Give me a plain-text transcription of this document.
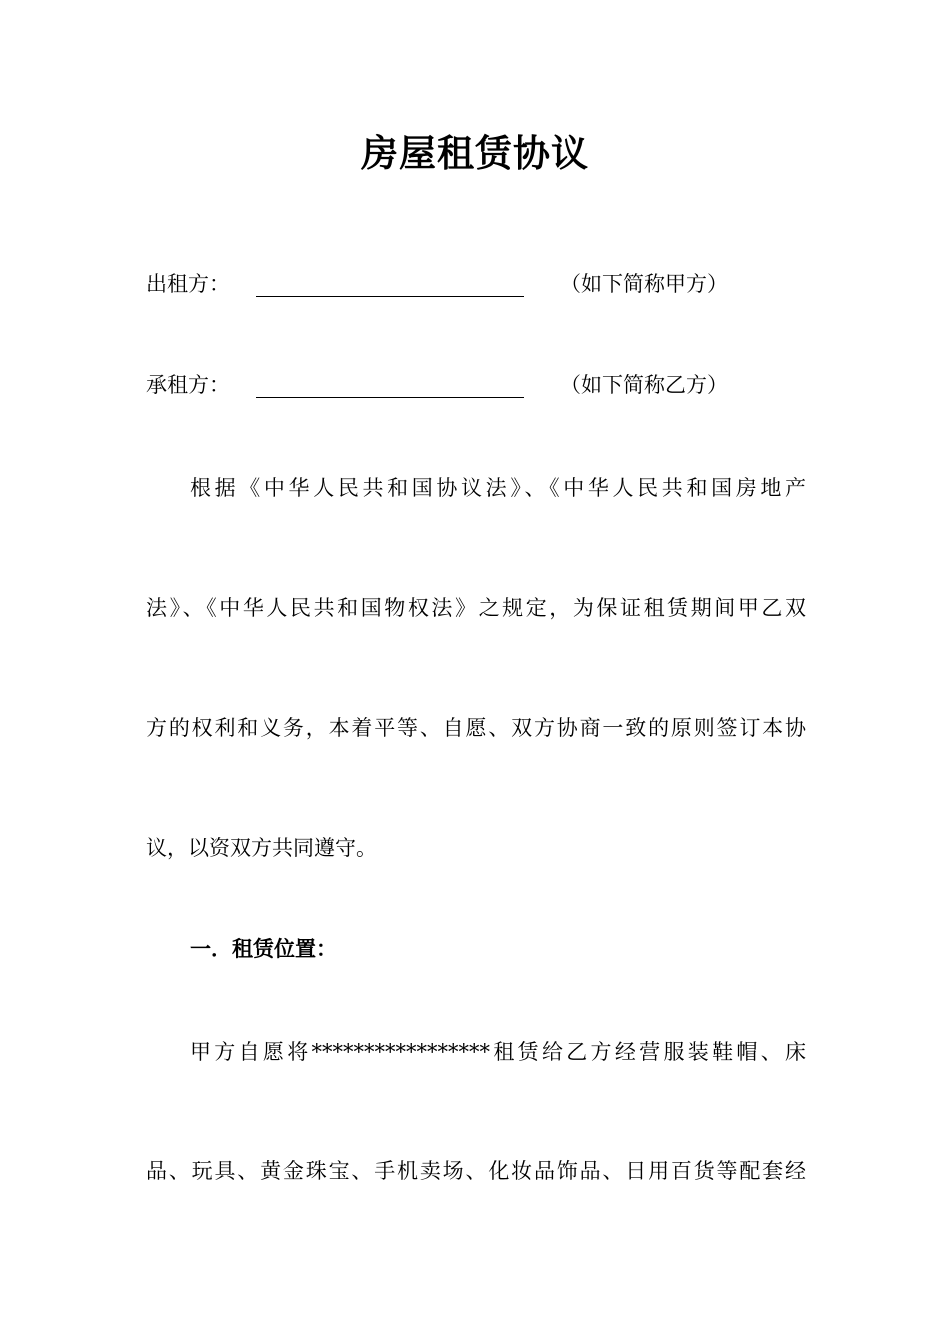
房屋租赁协议
出租方：	（如下简称甲方）
承租方：	（如下简称乙方）
根据《中华人民共和国协议法》、《中华人民共和国房地产
法》、《中华人民共和国物权法》之规定，为保证租赁期间甲乙双
方的权利和义务，本着平等、自愿、双方协商一致的原则签订本协
议，以资双方共同遵守。
一．租赁位置：
甲方自愿将*****************租赁给乙方经营服装鞋帽、床
品、玩具、黄金珠宝、手机卖场、化妆品饰品、日用百货等配套经
